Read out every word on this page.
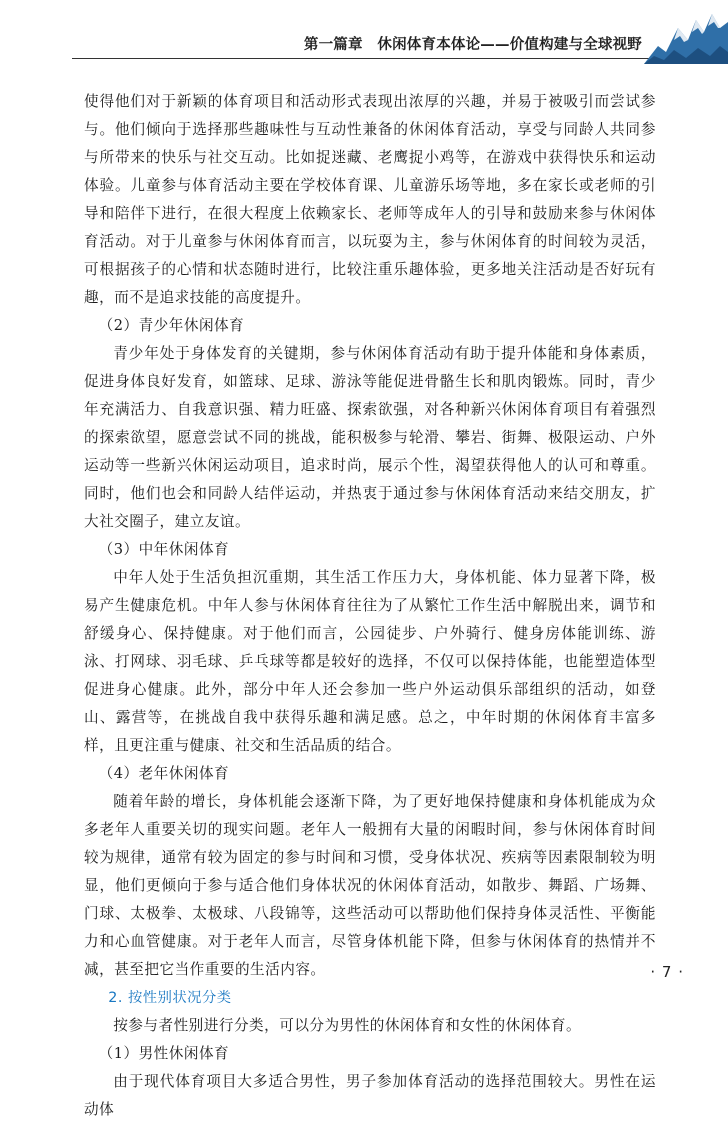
第一篇章　休闲体育本体论——价值构建与全球视野

使得他们对于新颖的体育项目和活动形式表现出浓厚的兴趣，并易于被吸引而尝试参与。他们倾向于选择那些趣味性与互动性兼备的休闲体育活动，享受与同龄人共同参与所带来的快乐与社交互动。比如捉迷藏、老鹰捉小鸡等，在游戏中获得快乐和运动体验。儿童参与体育活动主要在学校体育课、儿童游乐场等地，多在家长或老师的引导和陪伴下进行，在很大程度上依赖家长、老师等成年人的引导和鼓励来参与休闲体育活动。对于儿童参与休闲体育而言，以玩耍为主，参与休闲体育的时间较为灵活，可根据孩子的心情和状态随时进行，比较注重乐趣体验，更多地关注活动是否好玩有趣，而不是追求技能的高度提升。

（2）青少年休闲体育

青少年处于身体发育的关键期，参与休闲体育活动有助于提升体能和身体素质，促进身体良好发育，如篮球、足球、游泳等能促进骨骼生长和肌肉锻炼。同时，青少年充满活力、自我意识强、精力旺盛、探索欲强，对各种新兴休闲体育项目有着强烈的探索欲望，愿意尝试不同的挑战，能积极参与轮滑、攀岩、街舞、极限运动、户外运动等一些新兴休闲运动项目，追求时尚，展示个性，渴望获得他人的认可和尊重。同时，他们也会和同龄人结伴运动，并热衷于通过参与休闲体育活动来结交朋友，扩大社交圈子，建立友谊。

（3）中年休闲体育

中年人处于生活负担沉重期，其生活工作压力大，身体机能、体力显著下降，极易产生健康危机。中年人参与休闲体育往往为了从繁忙工作生活中解脱出来，调节和舒缓身心、保持健康。对于他们而言，公园徒步、户外骑行、健身房体能训练、游泳、打网球、羽毛球、乒乓球等都是较好的选择，不仅可以保持体能，也能塑造体型促进身心健康。此外，部分中年人还会参加一些户外运动俱乐部组织的活动，如登山、露营等，在挑战自我中获得乐趣和满足感。总之，中年时期的休闲体育丰富多样，且更注重与健康、社交和生活品质的结合。

（4）老年休闲体育

随着年龄的增长，身体机能会逐渐下降，为了更好地保持健康和身体机能成为众多老年人重要关切的现实问题。老年人一般拥有大量的闲暇时间，参与休闲体育时间较为规律，通常有较为固定的参与时间和习惯，受身体状况、疾病等因素限制较为明显，他们更倾向于参与适合他们身体状况的休闲体育活动，如散步、舞蹈、广场舞、门球、太极拳、太极球、八段锦等，这些活动可以帮助他们保持身体灵活性、平衡能力和心血管健康。对于老年人而言，尽管身体机能下降，但参与休闲体育的热情并不减，甚至把它当作重要的生活内容。

2. 按性别状况分类

按参与者性别进行分类，可以分为男性的休闲体育和女性的休闲体育。

（1）男性休闲体育

由于现代体育项目大多适合男性，男子参加体育活动的选择范围较大。男性在运动体

· 7 ·
